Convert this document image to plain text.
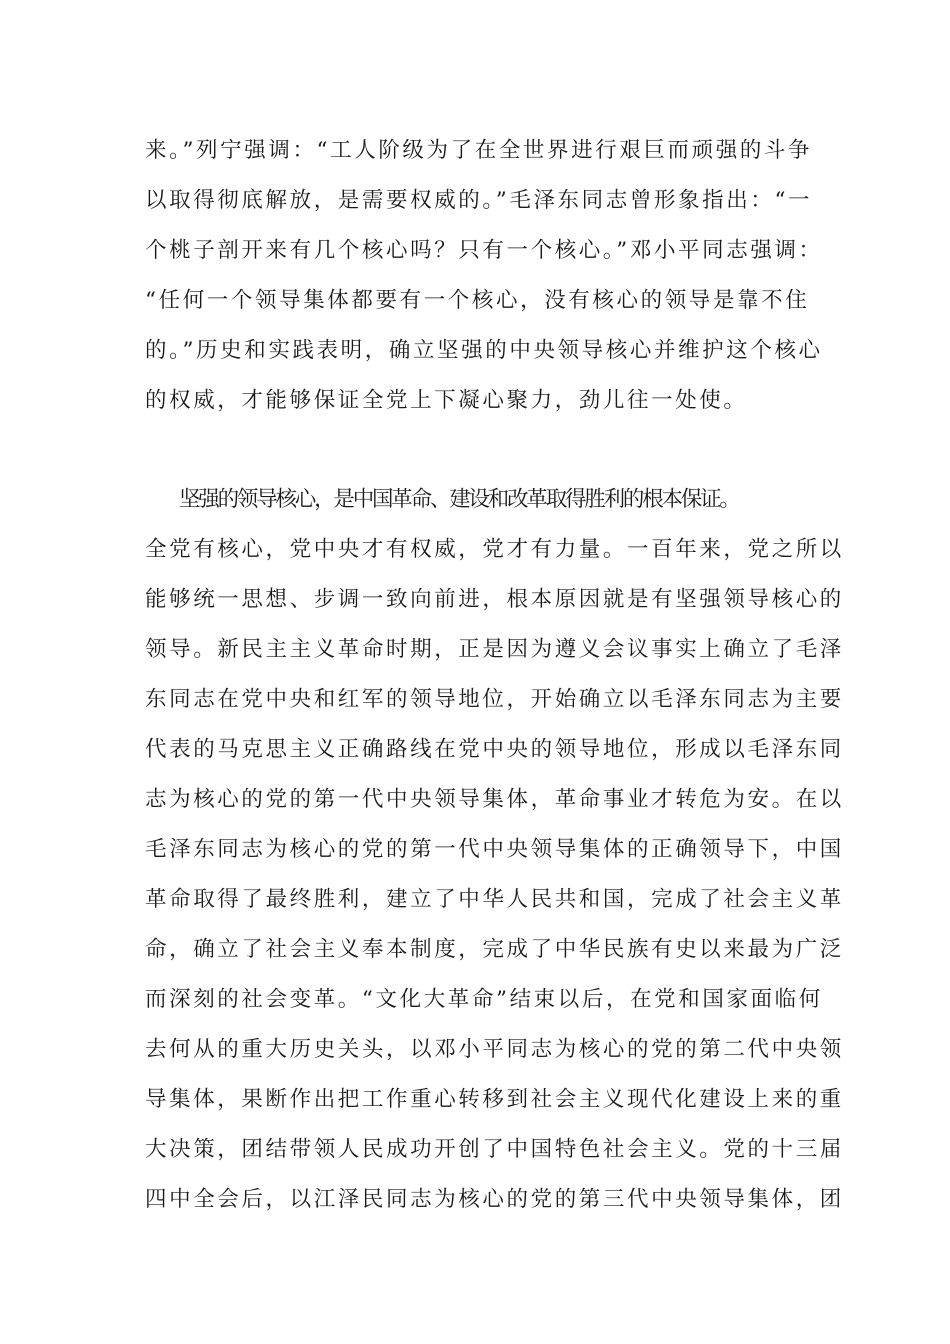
来。”列宁强调：“工人阶级为了在全世界进行艰巨而顽强的斗争
以取得彻底解放，是需要权威的。”毛泽东同志曾形象指出：“一
个桃子剖开来有几个核心吗？只有一个核心。”邓小平同志强调：
“任何一个领导集体都要有一个核心，没有核心的领导是靠不住
的。”历史和实践表明，确立坚强的中央领导核心并维护这个核心
的权威，才能够保证全党上下凝心聚力，劲儿往一处使。
坚强的领导核心，是中国革命、建设和改革取得胜利的根本保证。
全党有核心，党中央才有权威，党才有力量。一百年来，党之所以
能够统一思想、步调一致向前进，根本原因就是有坚强领导核心的
领导。新民主主义革命时期，正是因为遵义会议事实上确立了毛泽
东同志在党中央和红军的领导地位，开始确立以毛泽东同志为主要
代表的马克思主义正确路线在党中央的领导地位，形成以毛泽东同
志为核心的党的第一代中央领导集体，革命事业才转危为安。在以
毛泽东同志为核心的党的第一代中央领导集体的正确领导下，中国
革命取得了最终胜利，建立了中华人民共和国，完成了社会主义革
命，确立了社会主义奉本制度，完成了中华民族有史以来最为广泛
而深刻的社会变革。“文化大革命”结束以后，在党和国家面临何
去何从的重大历史关头，以邓小平同志为核心的党的第二代中央领
导集体，果断作出把工作重心转移到社会主义现代化建设上来的重
大决策，团结带领人民成功开创了中国特色社会主义。党的十三届
四中全会后，以江泽民同志为核心的党的第三代中央领导集体，团
